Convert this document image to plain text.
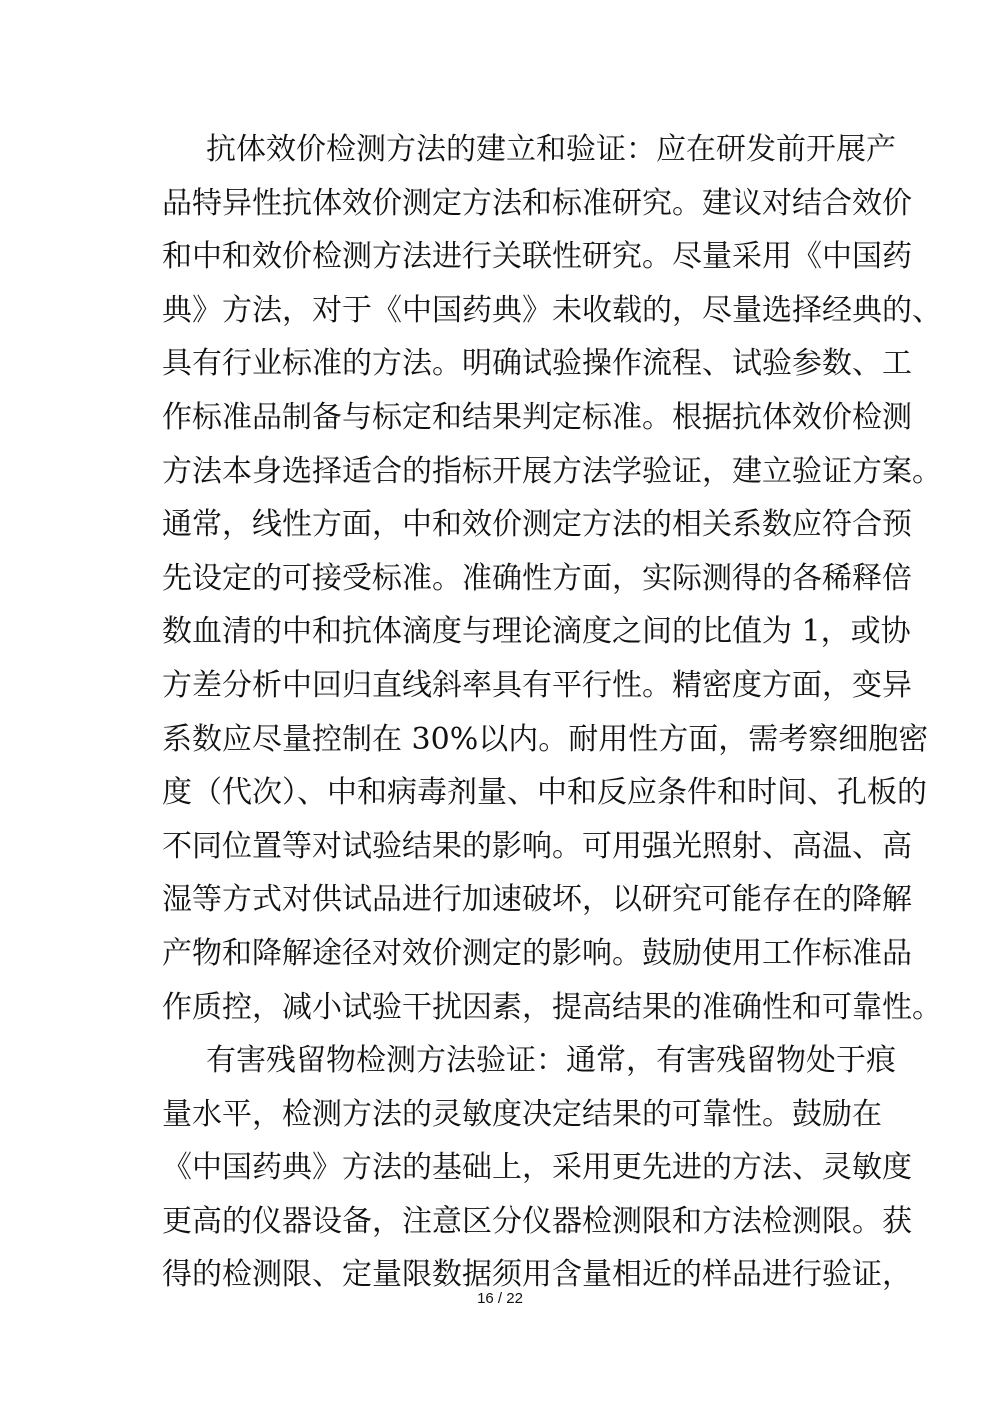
抗体效价检测方法的建立和验证：应在研发前开展产
品特异性抗体效价测定方法和标准研究。建议对结合效价
和中和效价检测方法进行关联性研究。尽量采用《中国药
典》方法，对于《中国药典》未收载的，尽量选择经典的、
具有行业标准的方法。明确试验操作流程、试验参数、工
作标准品制备与标定和结果判定标准。根据抗体效价检测
方法本身选择适合的指标开展方法学验证，建立验证方案。
通常，线性方面，中和效价测定方法的相关系数应符合预
先设定的可接受标准。准确性方面，实际测得的各稀释倍
数血清的中和抗体滴度与理论滴度之间的比值为 1，或协
方差分析中回归直线斜率具有平行性。精密度方面，变异
系数应尽量控制在 30%以内。耐用性方面，需考察细胞密
度（代次）、中和病毒剂量、中和反应条件和时间、孔板的
不同位置等对试验结果的影响。可用强光照射、高温、高
湿等方式对供试品进行加速破坏，以研究可能存在的降解
产物和降解途径对效价测定的影响。鼓励使用工作标准品
作质控，减小试验干扰因素，提高结果的准确性和可靠性。
有害残留物检测方法验证：通常，有害残留物处于痕
量水平，检测方法的灵敏度决定结果的可靠性。鼓励在
《中国药典》方法的基础上，采用更先进的方法、灵敏度
更高的仪器设备，注意区分仪器检测限和方法检测限。获
得的检测限、定量限数据须用含量相近的样品进行验证，
16 / 22
